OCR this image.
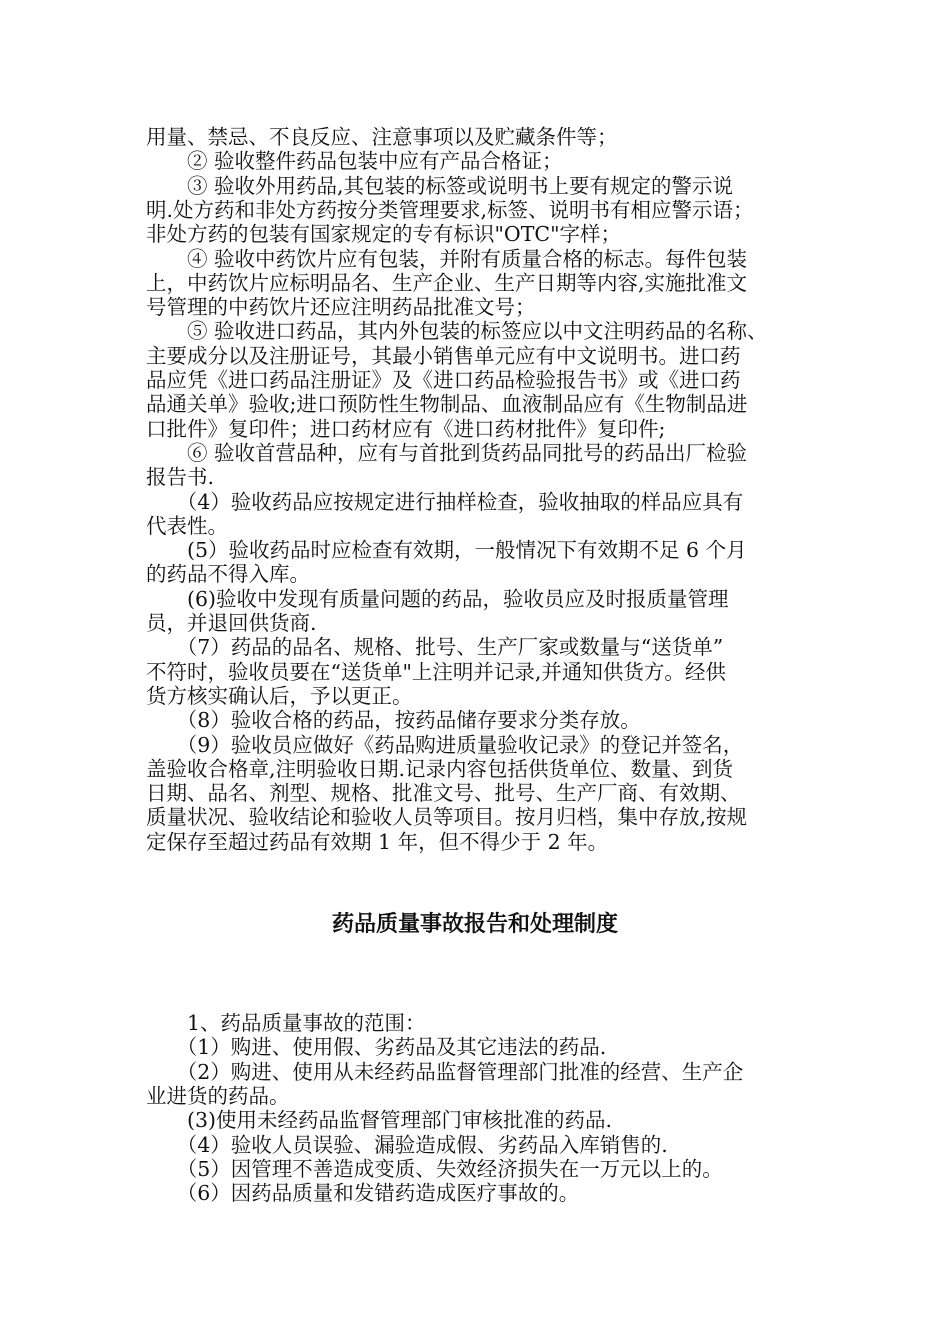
用量、禁忌、不良反应、注意事项以及贮藏条件等；
　　② 验收整件药品包装中应有产品合格证；
　　③ 验收外用药品,其包装的标签或说明书上要有规定的警示说
明.处方药和非处方药按分类管理要求,标签、说明书有相应警示语；
非处方药的包装有国家规定的专有标识"OTC"字样；
　　④ 验收中药饮片应有包装，并附有质量合格的标志。每件包装
上，中药饮片应标明品名、生产企业、生产日期等内容,实施批准文
号管理的中药饮片还应注明药品批准文号；
　　⑤ 验收进口药品，其内外包装的标签应以中文注明药品的名称、
主要成分以及注册证号，其最小销售单元应有中文说明书。进口药
品应凭《进口药品注册证》及《进口药品检验报告书》或《进口药
品通关单》验收;进口预防性生物制品、血液制品应有《生物制品进
口批件》复印件；进口药材应有《进口药材批件》复印件;
　　⑥ 验收首营品种，应有与首批到货药品同批号的药品出厂检验
报告书.
　　（4）验收药品应按规定进行抽样检查，验收抽取的样品应具有
代表性。
　　(5）验收药品时应检查有效期，一般情况下有效期不足 6 个月
的药品不得入库。
　　(6)验收中发现有质量问题的药品，验收员应及时报质量管理
员，并退回供货商.
　　（7）药品的品名、规格、批号、生产厂家或数量与“送货单”
不符时，验收员要在“送货单"上注明并记录,并通知供货方。经供
货方核实确认后，予以更正。
　　（8）验收合格的药品，按药品储存要求分类存放。
　　（9）验收员应做好《药品购进质量验收记录》的登记并签名，
盖验收合格章,注明验收日期.记录内容包括供货单位、数量、到货
日期、品名、剂型、规格、批准文号、批号、生产厂商、有效期、
质量状况、验收结论和验收人员等项目。按月归档，集中存放,按规
定保存至超过药品有效期 1 年，但不得少于 2 年。
药品质量事故报告和处理制度
　　1、药品质量事故的范围：
　　（1）购进、使用假、劣药品及其它违法的药品.
　　（2）购进、使用从未经药品监督管理部门批准的经营、生产企
业进货的药品。
　　(3)使用未经药品监督管理部门审核批准的药品.
　　（4）验收人员误验、漏验造成假、劣药品入库销售的.
　　（5）因管理不善造成变质、失效经济损失在一万元以上的。
　　（6）因药品质量和发错药造成医疗事故的。
